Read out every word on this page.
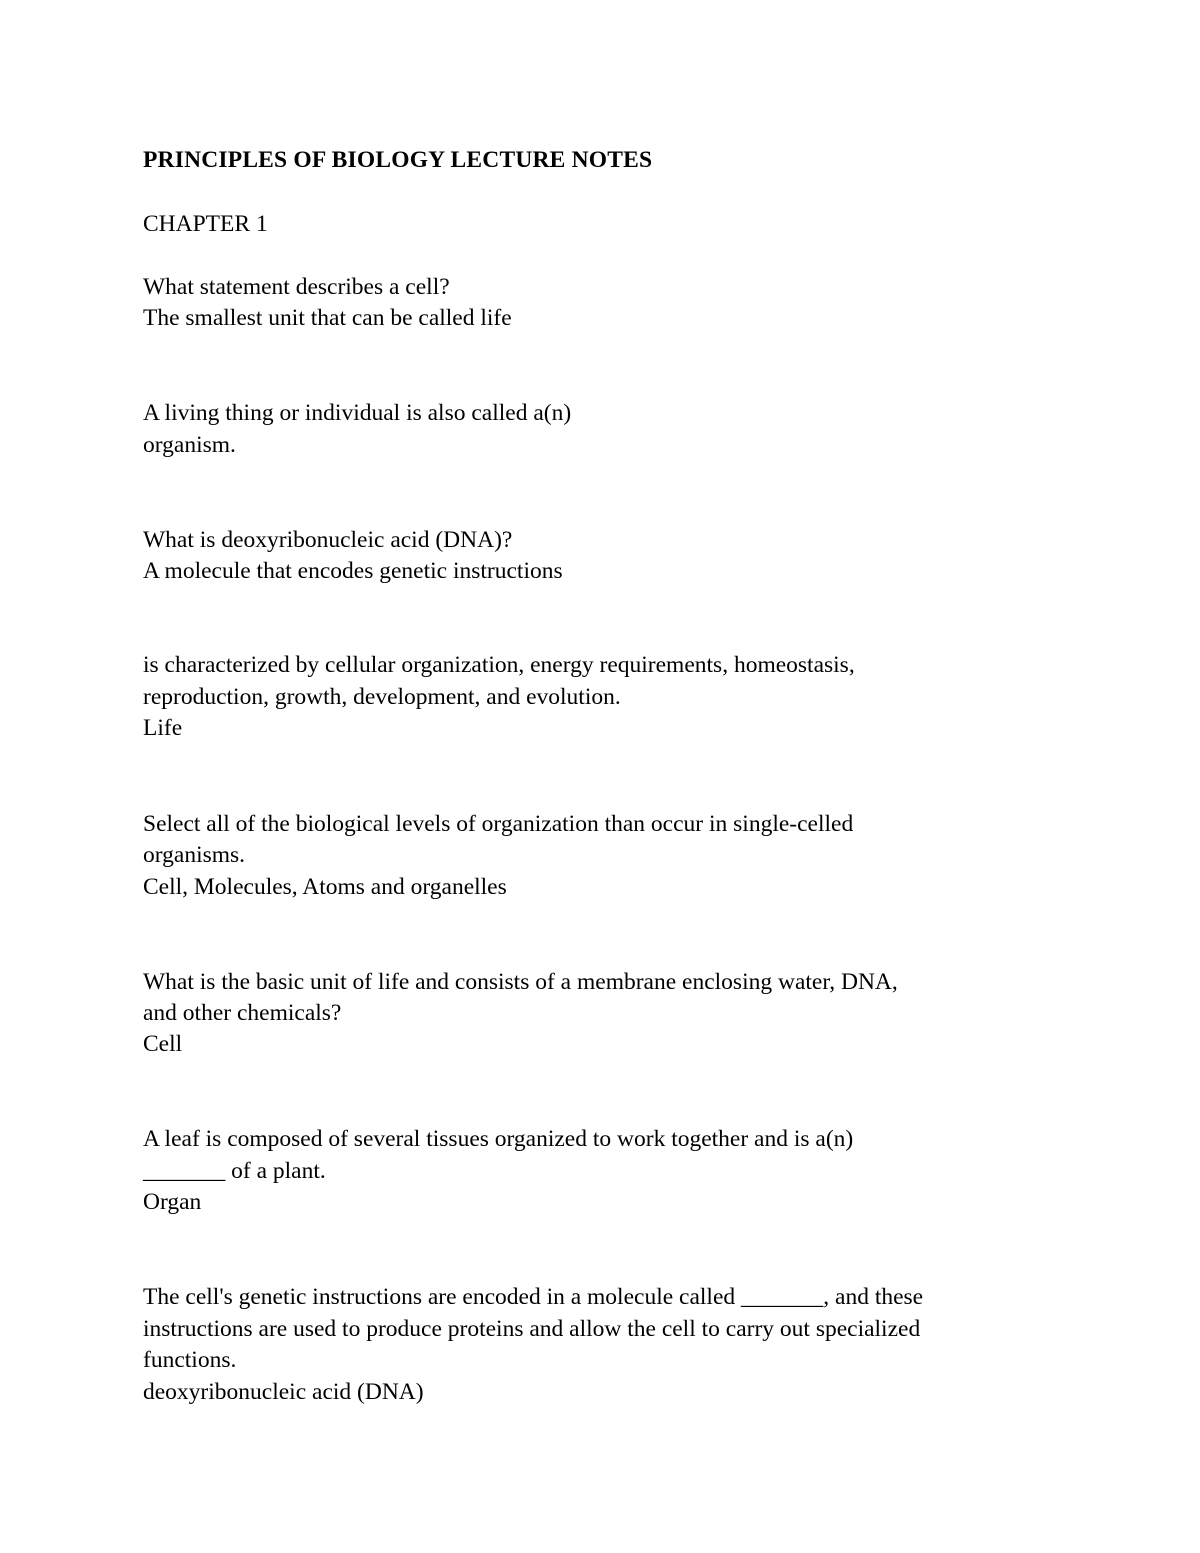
PRINCIPLES OF BIOLOGY LECTURE NOTES

CHAPTER 1

What statement describes a cell?

The smallest unit that can be called life

A living thing or individual is also called a(n)

organism.

What is deoxyribonucleic acid (DNA)?

A molecule that encodes genetic instructions

is characterized by cellular organization, energy requirements, homeostasis,

reproduction, growth, development, and evolution.

Life

Select all of the biological levels of organization than occur in single-celled

organisms.

Cell, Molecules, Atoms and organelles

What is the basic unit of life and consists of a membrane enclosing water, DNA,

and other chemicals?

Cell

A leaf is composed of several tissues organized to work together and is a(n)

_______ of a plant.

Organ

The cell's genetic instructions are encoded in a molecule called _______, and these

instructions are used to produce proteins and allow the cell to carry out specialized

functions.

deoxyribonucleic acid (DNA)
